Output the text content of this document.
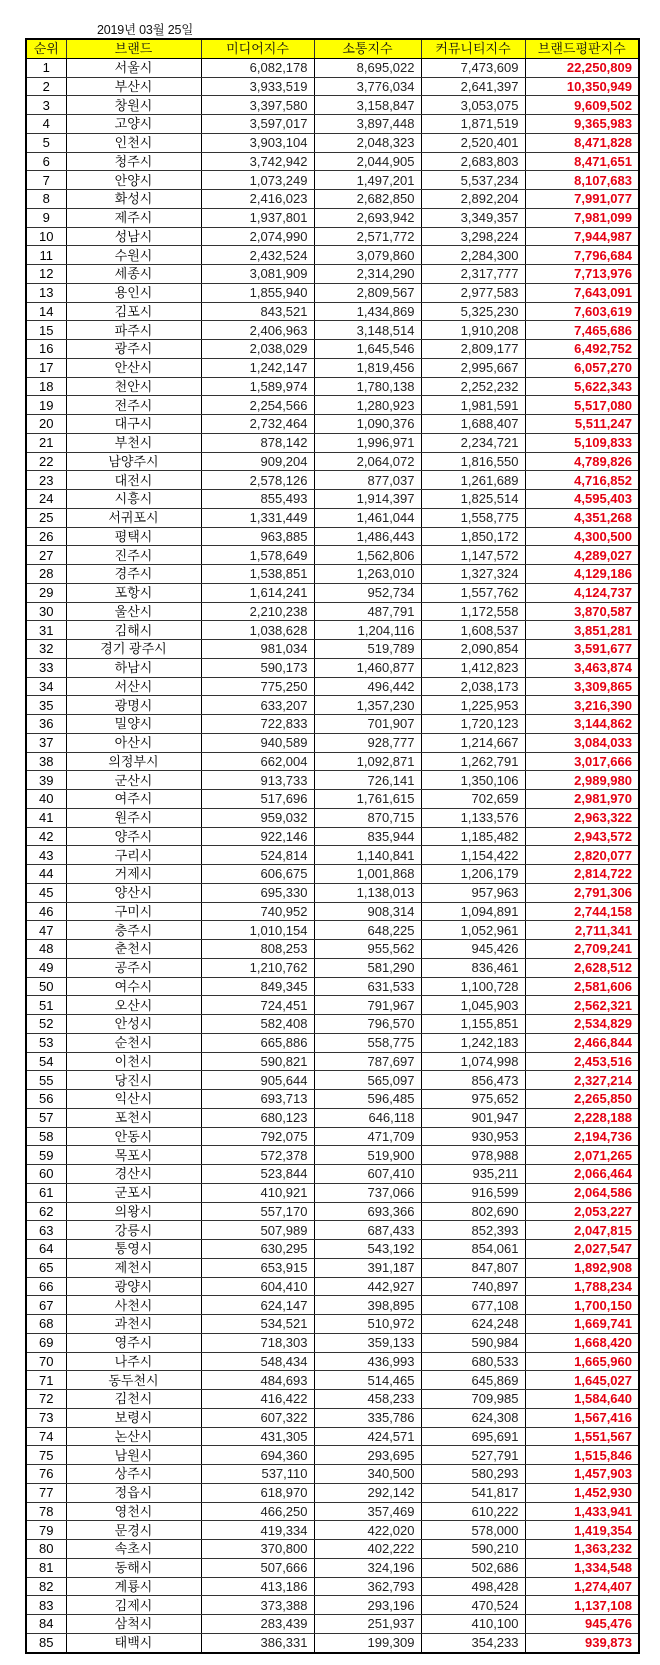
2019년 03월 25일
순위	브랜드	미디어지수	소통지수	커뮤니티지수	브랜드평판지수
1	서울시	6,082,178	8,695,022	7,473,609	22,250,809
2	부산시	3,933,519	3,776,034	2,641,397	10,350,949
3	창원시	3,397,580	3,158,847	3,053,075	9,609,502
4	고양시	3,597,017	3,897,448	1,871,519	9,365,983
5	인천시	3,903,104	2,048,323	2,520,401	8,471,828
6	청주시	3,742,942	2,044,905	2,683,803	8,471,651
7	안양시	1,073,249	1,497,201	5,537,234	8,107,683
8	화성시	2,416,023	2,682,850	2,892,204	7,991,077
9	제주시	1,937,801	2,693,942	3,349,357	7,981,099
10	성남시	2,074,990	2,571,772	3,298,224	7,944,987
11	수원시	2,432,524	3,079,860	2,284,300	7,796,684
12	세종시	3,081,909	2,314,290	2,317,777	7,713,976
13	용인시	1,855,940	2,809,567	2,977,583	7,643,091
14	김포시	843,521	1,434,869	5,325,230	7,603,619
15	파주시	2,406,963	3,148,514	1,910,208	7,465,686
16	광주시	2,038,029	1,645,546	2,809,177	6,492,752
17	안산시	1,242,147	1,819,456	2,995,667	6,057,270
18	천안시	1,589,974	1,780,138	2,252,232	5,622,343
19	전주시	2,254,566	1,280,923	1,981,591	5,517,080
20	대구시	2,732,464	1,090,376	1,688,407	5,511,247
21	부천시	878,142	1,996,971	2,234,721	5,109,833
22	남양주시	909,204	2,064,072	1,816,550	4,789,826
23	대전시	2,578,126	877,037	1,261,689	4,716,852
24	시흥시	855,493	1,914,397	1,825,514	4,595,403
25	서귀포시	1,331,449	1,461,044	1,558,775	4,351,268
26	평택시	963,885	1,486,443	1,850,172	4,300,500
27	진주시	1,578,649	1,562,806	1,147,572	4,289,027
28	경주시	1,538,851	1,263,010	1,327,324	4,129,186
29	포항시	1,614,241	952,734	1,557,762	4,124,737
30	울산시	2,210,238	487,791	1,172,558	3,870,587
31	김해시	1,038,628	1,204,116	1,608,537	3,851,281
32	경기 광주시	981,034	519,789	2,090,854	3,591,677
33	하남시	590,173	1,460,877	1,412,823	3,463,874
34	서산시	775,250	496,442	2,038,173	3,309,865
35	광명시	633,207	1,357,230	1,225,953	3,216,390
36	밀양시	722,833	701,907	1,720,123	3,144,862
37	아산시	940,589	928,777	1,214,667	3,084,033
38	의정부시	662,004	1,092,871	1,262,791	3,017,666
39	군산시	913,733	726,141	1,350,106	2,989,980
40	여주시	517,696	1,761,615	702,659	2,981,970
41	원주시	959,032	870,715	1,133,576	2,963,322
42	양주시	922,146	835,944	1,185,482	2,943,572
43	구리시	524,814	1,140,841	1,154,422	2,820,077
44	거제시	606,675	1,001,868	1,206,179	2,814,722
45	양산시	695,330	1,138,013	957,963	2,791,306
46	구미시	740,952	908,314	1,094,891	2,744,158
47	충주시	1,010,154	648,225	1,052,961	2,711,341
48	춘천시	808,253	955,562	945,426	2,709,241
49	공주시	1,210,762	581,290	836,461	2,628,512
50	여수시	849,345	631,533	1,100,728	2,581,606
51	오산시	724,451	791,967	1,045,903	2,562,321
52	안성시	582,408	796,570	1,155,851	2,534,829
53	순천시	665,886	558,775	1,242,183	2,466,844
54	이천시	590,821	787,697	1,074,998	2,453,516
55	당진시	905,644	565,097	856,473	2,327,214
56	익산시	693,713	596,485	975,652	2,265,850
57	포천시	680,123	646,118	901,947	2,228,188
58	안동시	792,075	471,709	930,953	2,194,736
59	목포시	572,378	519,900	978,988	2,071,265
60	경산시	523,844	607,410	935,211	2,066,464
61	군포시	410,921	737,066	916,599	2,064,586
62	의왕시	557,170	693,366	802,690	2,053,227
63	강릉시	507,989	687,433	852,393	2,047,815
64	통영시	630,295	543,192	854,061	2,027,547
65	제천시	653,915	391,187	847,807	1,892,908
66	광양시	604,410	442,927	740,897	1,788,234
67	사천시	624,147	398,895	677,108	1,700,150
68	과천시	534,521	510,972	624,248	1,669,741
69	영주시	718,303	359,133	590,984	1,668,420
70	나주시	548,434	436,993	680,533	1,665,960
71	동두천시	484,693	514,465	645,869	1,645,027
72	김천시	416,422	458,233	709,985	1,584,640
73	보령시	607,322	335,786	624,308	1,567,416
74	논산시	431,305	424,571	695,691	1,551,567
75	남원시	694,360	293,695	527,791	1,515,846
76	상주시	537,110	340,500	580,293	1,457,903
77	정읍시	618,970	292,142	541,817	1,452,930
78	영천시	466,250	357,469	610,222	1,433,941
79	문경시	419,334	422,020	578,000	1,419,354
80	속초시	370,800	402,222	590,210	1,363,232
81	동해시	507,666	324,196	502,686	1,334,548
82	계룡시	413,186	362,793	498,428	1,274,407
83	김제시	373,388	293,196	470,524	1,137,108
84	삼척시	283,439	251,937	410,100	945,476
85	태백시	386,331	199,309	354,233	939,873
